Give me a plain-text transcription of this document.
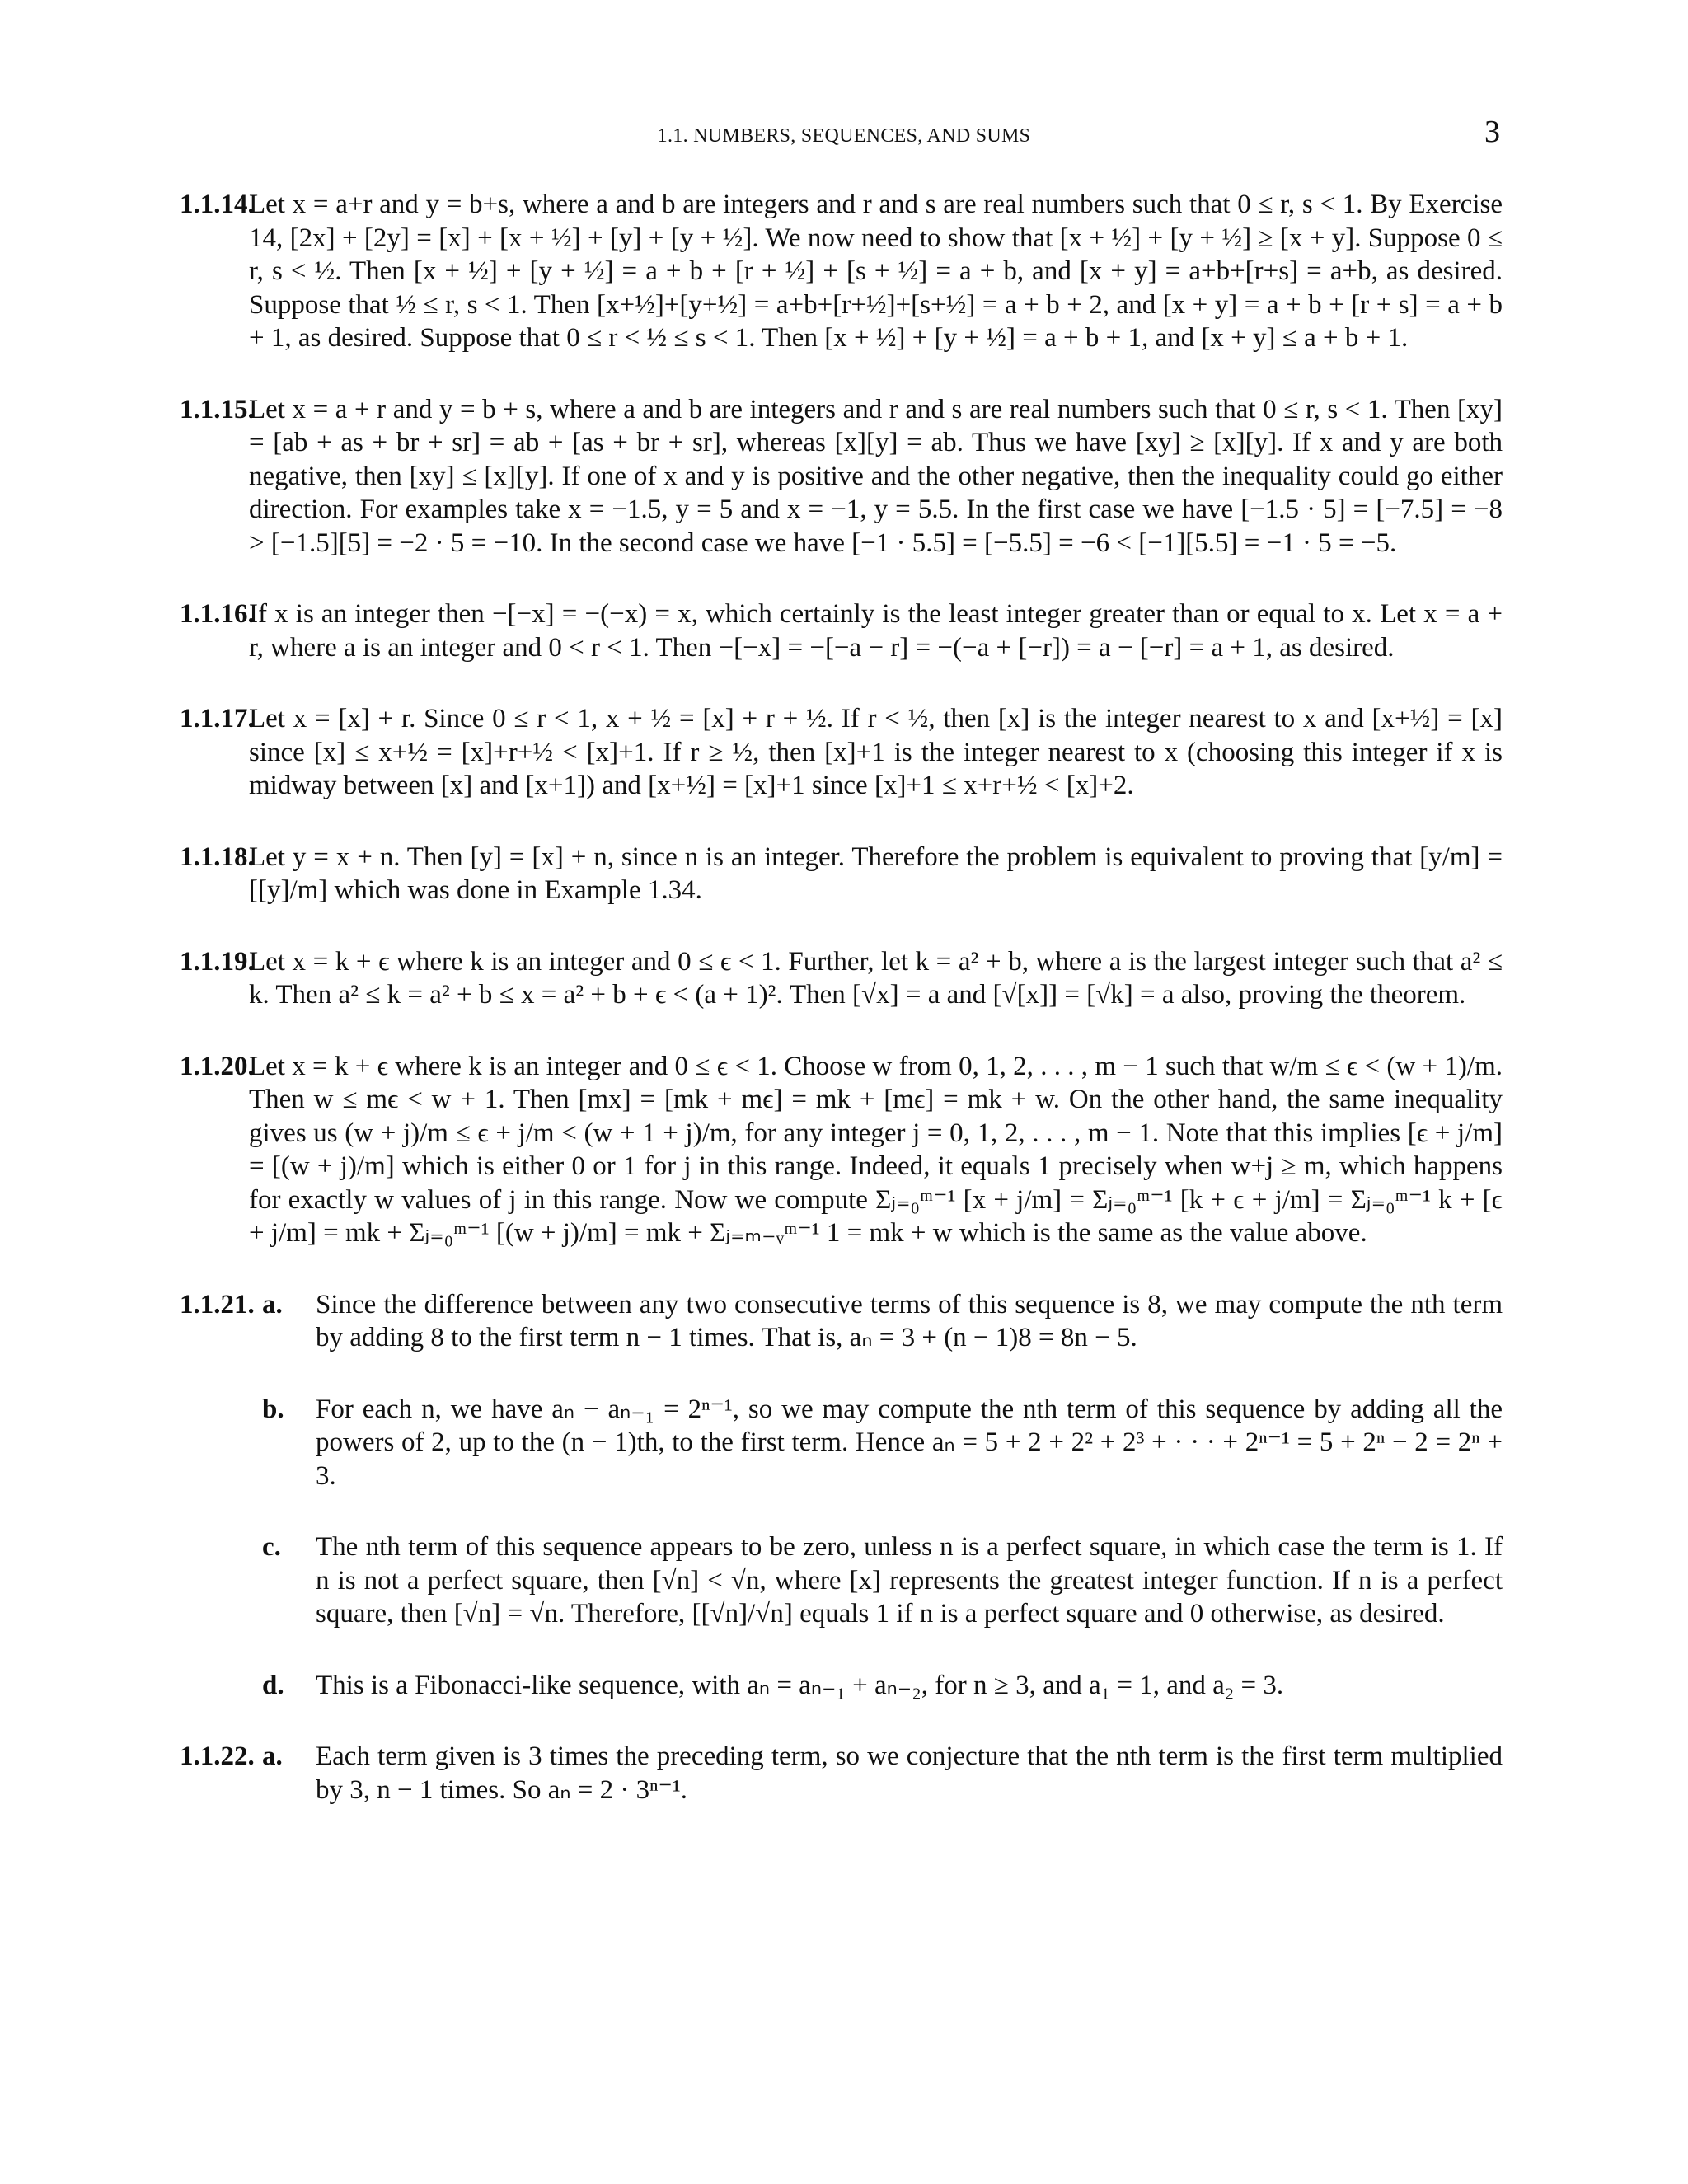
1.1. NUMBERS, SEQUENCES, AND SUMS	3
1.1.14.
Let x = a+r and y = b+s, where a and b are integers and r and s are real numbers such that 0 ≤ r, s < 1. By Exercise 14, [2x] + [2y] = [x] + [x + ½] + [y] + [y + ½]. We now need to show that [x + ½] + [y + ½] ≥ [x + y]. Suppose 0 ≤ r, s < ½. Then [x + ½] + [y + ½] = a + b + [r + ½] + [s + ½] = a + b, and [x + y] = a+b+[r+s] = a+b, as desired. Suppose that ½ ≤ r, s < 1. Then [x+½]+[y+½] = a+b+[r+½]+[s+½] = a + b + 2, and [x + y] = a + b + [r + s] = a + b + 1, as desired. Suppose that 0 ≤ r < ½ ≤ s < 1. Then [x + ½] + [y + ½] = a + b + 1, and [x + y] ≤ a + b + 1.
1.1.15.
Let x = a + r and y = b + s, where a and b are integers and r and s are real numbers such that 0 ≤ r, s < 1. Then [xy] = [ab + as + br + sr] = ab + [as + br + sr], whereas [x][y] = ab. Thus we have [xy] ≥ [x][y]. If x and y are both negative, then [xy] ≤ [x][y]. If one of x and y is positive and the other negative, then the inequality could go either direction. For examples take x = −1.5, y = 5 and x = −1, y = 5.5. In the first case we have [−1.5 · 5] = [−7.5] = −8 > [−1.5][5] = −2 · 5 = −10. In the second case we have [−1 · 5.5] = [−5.5] = −6 < [−1][5.5] = −1 · 5 = −5.
1.1.16.
If x is an integer then −[−x] = −(−x) = x, which certainly is the least integer greater than or equal to x. Let x = a + r, where a is an integer and 0 < r < 1. Then −[−x] = −[−a − r] = −(−a + [−r]) = a − [−r] = a + 1, as desired.
1.1.17.
Let x = [x] + r. Since 0 ≤ r < 1, x + ½ = [x] + r + ½. If r < ½, then [x] is the integer nearest to x and [x+½] = [x] since [x] ≤ x+½ = [x]+r+½ < [x]+1. If r ≥ ½, then [x]+1 is the integer nearest to x (choosing this integer if x is midway between [x] and [x+1]) and [x+½] = [x]+1 since [x]+1 ≤ x+r+½ < [x]+2.
1.1.18.
Let y = x + n. Then [y] = [x] + n, since n is an integer. Therefore the problem is equivalent to proving that [y/m] = [[y]/m] which was done in Example 1.34.
1.1.19.
Let x = k + ϵ where k is an integer and 0 ≤ ϵ < 1. Further, let k = a² + b, where a is the largest integer such that a² ≤ k. Then a² ≤ k = a² + b ≤ x = a² + b + ϵ < (a + 1)². Then [√x] = a and [√[x]] = [√k] = a also, proving the theorem.
1.1.20.
Let x = k + ϵ where k is an integer and 0 ≤ ϵ < 1. Choose w from 0, 1, 2, . . . , m − 1 such that w/m ≤ ϵ < (w + 1)/m. Then w ≤ mϵ < w + 1. Then [mx] = [mk + mϵ] = mk + [mϵ] = mk + w. On the other hand, the same inequality gives us (w + j)/m ≤ ϵ + j/m < (w + 1 + j)/m, for any integer j = 0, 1, 2, . . . , m − 1. Note that this implies [ϵ + j/m] = [(w + j)/m] which is either 0 or 1 for j in this range. Indeed, it equals 1 precisely when w+j ≥ m, which happens for exactly w values of j in this range. Now we compute Σⱼ₌₀ᵐ⁻¹ [x + j/m] = Σⱼ₌₀ᵐ⁻¹ [k + ϵ + j/m] = Σⱼ₌₀ᵐ⁻¹ k + [ϵ + j/m] = mk + Σⱼ₌₀ᵐ⁻¹ [(w + j)/m] = mk + Σⱼ₌ₘ₋ᵥᵐ⁻¹ 1 = mk + w which is the same as the value above.
1.1.21. a. Since the difference between any two consecutive terms of this sequence is 8, we may compute the nth term by adding 8 to the first term n − 1 times. That is, aₙ = 3 + (n − 1)8 = 8n − 5.
b. For each n, we have aₙ − aₙ₋₁ = 2ⁿ⁻¹, so we may compute the nth term of this sequence by adding all the powers of 2, up to the (n − 1)th, to the first term. Hence aₙ = 5 + 2 + 2² + 2³ + · · · + 2ⁿ⁻¹ = 5 + 2ⁿ − 2 = 2ⁿ + 3.
c. The nth term of this sequence appears to be zero, unless n is a perfect square, in which case the term is 1. If n is not a perfect square, then [√n] < √n, where [x] represents the greatest integer function. If n is a perfect square, then [√n] = √n. Therefore, [[√n]/√n] equals 1 if n is a perfect square and 0 otherwise, as desired.
d. This is a Fibonacci-like sequence, with aₙ = aₙ₋₁ + aₙ₋₂, for n ≥ 3, and a₁ = 1, and a₂ = 3.
1.1.22. a. Each term given is 3 times the preceding term, so we conjecture that the nth term is the first term multiplied by 3, n − 1 times. So aₙ = 2 · 3ⁿ⁻¹.
